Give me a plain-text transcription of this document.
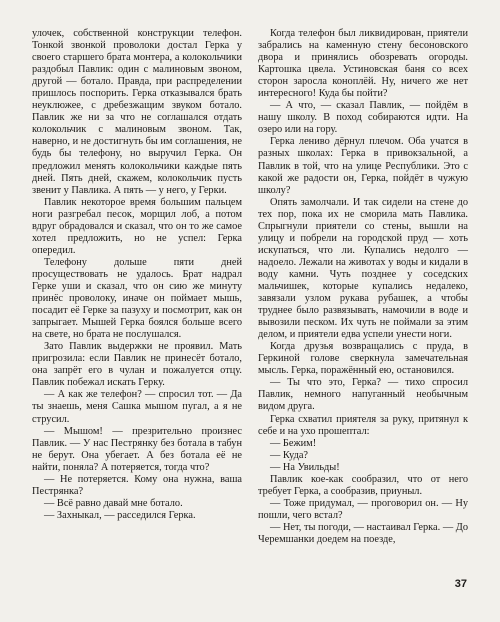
улочек, собственной конструкции телефон. Тонкой звонкой проволоки достал Герка у своего старшего брата монтера, а колокольчики раздобыл Павлик: один с малиновым звоном, другой — ботало. Правда, при распределении пришлось поспорить. Герка отказывался брать неуклюжее, с дребезжащим звуком ботало. Павлик же ни за что не соглашался отдать колокольчик с малиновым звоном. Так, наверно, и не достигнуть бы им соглашения, не будь бы телефону, но выручил Герка. Он предложил менять колокольчики каждые пять дней. Пять дней, скажем, колокольчик пусть звенит у Павлика. А пять — у него, у Герки.

Павлик некоторое время большим пальцем ноги разгребал песок, морщил лоб, а потом вдруг обрадовался и сказал, что он то же самое хотел предложить, но не успел: Герка опередил.

Телефону дольше пяти дней просуществовать не удалось. Брат надрал Герке уши и сказал, что он сию же минуту принёс проволоку, иначе он поймает мышь, посадит её Герке за пазуху и посмотрит, как он запрыгает. Мышей Герка боялся больше всего на свете, но брата не послушался.

Зато Павлик выдержки не проявил. Мать пригрозила: если Павлик не принесёт ботало, она запрёт его в чулан и пожалуется отцу. Павлик побежал искать Герку.

— А как же телефон? — спросил тот. — Да ты знаешь, меня Сашка мышом пугал, а я не струсил.

— Мышом! — презрительно произнес Павлик. — У нас Пестрянку без ботала в табун не берут. Она убегает. А без ботала её не найти, поняла? А потеряется, тогда что?

— Не потеряется. Кому она нужна, ваша Пестрянка?

— Всё равно давай мне ботало.

— Захныкал, — расседился Герка.

Когда телефон был ликвидирован, приятели забрались на каменную стену бесоновского двора и принялись обозревать огороды. Картошка цвела. Устиновская баня со всех сторон заросла коноплёй. Ну, ничего же нет интересного! Куда бы пойти?

— А что, — сказал Павлик, — пойдём в нашу школу. В поход собираются идти. На озеро или на гору.

Герка лениво дёрнул плечом. Оба учатся в разных школах: Герка в привокзальной, а Павлик в той, что на улице Республики. Это с какой же радости он, Герка, пойдёт в чужую школу?

Опять замолчали. И так сидели на стене до тех пор, пока их не сморила мать Павлика. Спрыгнули приятели со стены, вышли на улицу и побрели на городской пруд — хоть искупаться, что ли. Купались недолго — надоело. Лежали на животах у воды и кидали в воду камни. Чуть позднее у соседских мальчишек, которые купались недалеко, завязали узлом рукава рубашек, а чтобы труднее было развязывать, намочили в воде и вывозили песком. Их чуть не поймали за этим делом, и приятели едва успели унести ноги.

Когда друзья возвращались с пруда, в Геркиной голове сверкнула замечательная мысль. Герка, поражённый ею, остановился.

— Ты что это, Герка? — тихо спросил Павлик, немного напуганный необычным видом друга.

Герка схватил приятеля за руку, притянул к себе и на ухо прошептал:

— Бежим!

— Куда?

— На Увильды!

Павлик кое-как сообразил, что от него требует Герка, а сообразив, приуныл.

— Тоже придумал, — проговорил он. — Ну пошли, чего встал?

— Нет, ты погоди, — настаивал Герка. — До Черемшанки доедем на поезде,

37
